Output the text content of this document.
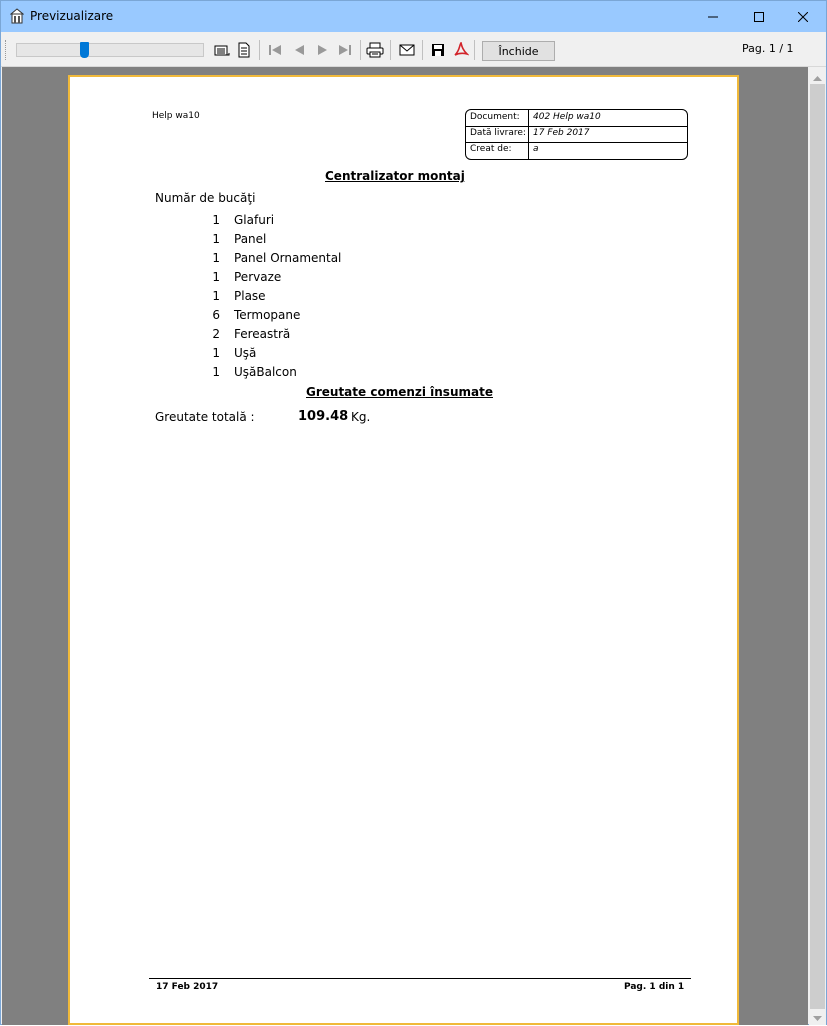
Previzualizare
Închide	Pag. 1 / 1
Help wa10	Document: 402 Help wa10
Dată livrare: 17 Feb 2017
Creat de: a
Centralizator montaj
Număr de bucăţi
1 Glafuri
1 Panel
1 Panel Ornamental
1 Pervaze
1 Plase
6 Termopane
2 Fereastră
1 Uşă
1 UşăBalcon
Greutate comenzi însumate
Greutate totală :	109.48 Kg.
17 Feb 2017	Pag. 1 din 1
